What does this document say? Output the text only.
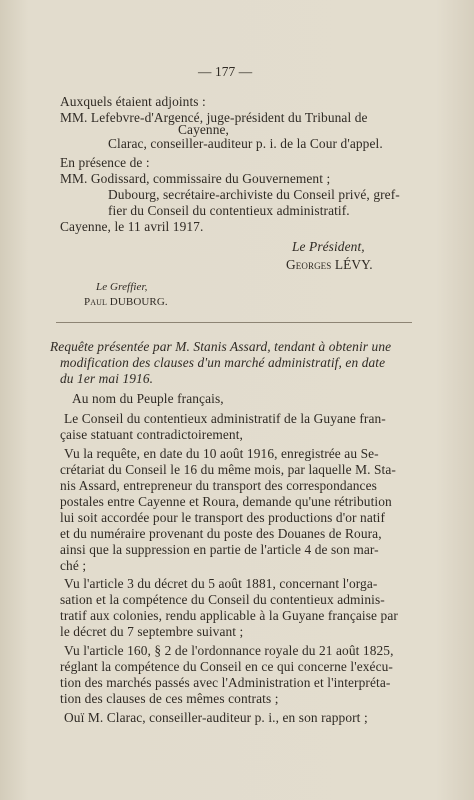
— 177 —
Auxquels étaient adjoints :
MM. Lefebvre-d'Argencé, juge-président du Tribunal de
Cayenne,
Clarac, conseiller-auditeur p. i. de la Cour d'appel.
En présence de :
MM. Godissard, commissaire du Gouvernement ;
Dubourg, secrétaire-archiviste du Conseil privé, gref-
fier du Conseil du contentieux administratif.
Cayenne, le 11 avril 1917.
Le Président,
Georges LÉVY.
Le Greffier,
Paul DUBOURG.
Requête présentée par M. Stanis Assard, tendant à obtenir une
modification des clauses d'un marché administratif, en date
du 1er mai 1916.
Au nom du Peuple français,
Le Conseil du contentieux administratif de la Guyane fran-
çaise statuant contradictoirement,
Vu la requête, en date du 10 août 1916, enregistrée au Se-
crétariat du Conseil le 16 du même mois, par laquelle M. Sta-
nis Assard, entrepreneur du transport des correspondances
postales entre Cayenne et Roura, demande qu'une rétribution
lui soit accordée pour le transport des productions d'or natif
et du numéraire provenant du poste des Douanes de Roura,
ainsi que la suppression en partie de l'article 4 de son mar-
ché ;
Vu l'article 3 du décret du 5 août 1881, concernant l'orga-
sation et la compétence du Conseil du contentieux adminis-
tratif aux colonies, rendu applicable à la Guyane française par
le décret du 7 septembre suivant ;
Vu l'article 160, § 2 de l'ordonnance royale du 21 août 1825,
réglant la compétence du Conseil en ce qui concerne l'exécu-
tion des marchés passés avec l'Administration et l'interpréta-
tion des clauses de ces mêmes contrats ;
Ouï M. Clarac, conseiller-auditeur p. i., en son rapport ;
